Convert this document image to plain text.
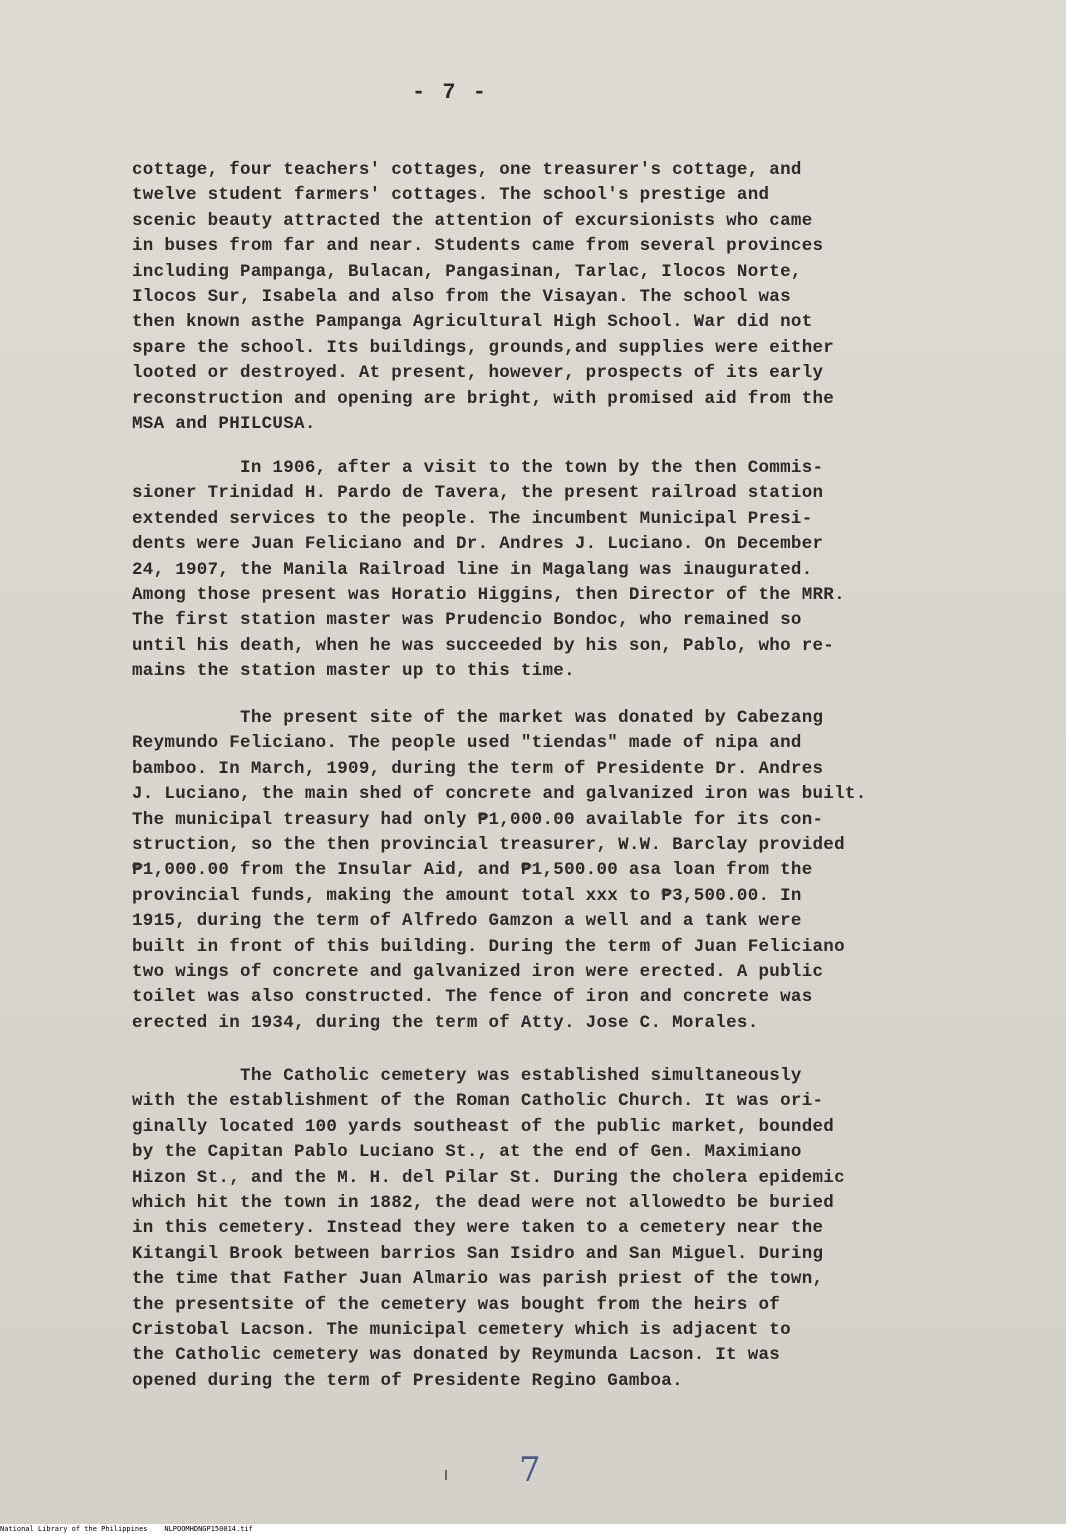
- 7 -

cottage, four teachers' cottages, one treasurer's cottage, and
twelve student farmers' cottages. The school's prestige and
scenic beauty attracted the attention of excursionists who came
in buses from far and near. Students came from several provinces
including Pampanga, Bulacan, Pangasinan, Tarlac, Ilocos Norte,
Ilocos Sur, Isabela and also from the Visayan. The school was
then known asthe Pampanga Agricultural High School. War did not
spare the school. Its buildings, grounds,and supplies were either
looted or destroyed. At present, however, prospects of its early
reconstruction and opening are bright, with promised aid from the
MSA and PHILCUSA.

In 1906, after a visit to the town by the then Commis-
sioner Trinidad H. Pardo de Tavera, the present railroad station
extended services to the people. The incumbent Municipal Presi-
dents were Juan Feliciano and Dr. Andres J. Luciano. On December
24, 1907, the Manila Railroad line in Magalang was inaugurated.
Among those present was Horatio Higgins, then Director of the MRR.
The first station master was Prudencio Bondoc, who remained so
until his death, when he was succeeded by his son, Pablo, who re-
mains the station master up to this time.

The present site of the market was donated by Cabezang
Reymundo Feliciano. The people used "tiendas" made of nipa and
bamboo. In March, 1909, during the term of Presidente Dr. Andres
J. Luciano, the main shed of concrete and galvanized iron was built.
The municipal treasury had only ₱1,000.00 available for its con-
struction, so the then provincial treasurer, W.W. Barclay provided
₱1,000.00 from the Insular Aid, and ₱1,500.00 asa loan from the
provincial funds, making the amount total xxx to ₱3,500.00. In
1915, during the term of Alfredo Gamzon a well and a tank were
built in front of this building. During the term of Juan Feliciano
two wings of concrete and galvanized iron were erected. A public
toilet was also constructed. The fence of iron and concrete was
erected in 1934, during the term of Atty. Jose C. Morales.

The Catholic cemetery was established simultaneously
with the establishment of the Roman Catholic Church. It was ori-
ginally located 100 yards southeast of the public market, bounded
by the Capitan Pablo Luciano St., at the end of Gen. Maximiano
Hizon St., and the M. H. del Pilar St. During the cholera epidemic
which hit the town in 1882, the dead were not allowedto be buried
in this cemetery. Instead they were taken to a cemetery near the
Kitangil Brook between barrios San Isidro and San Miguel. During
the time that Father Juan Almario was parish priest of the town,
the presentsite of the cemetery was bought from the heirs of
Cristobal Lacson. The municipal cemetery which is adjacent to
the Catholic cemetery was donated by Reymunda Lacson. It was
opened during the term of Presidente Regino Gamboa.

7
National Library of the Philippines    NLPOOMHDNGP150014.tif
